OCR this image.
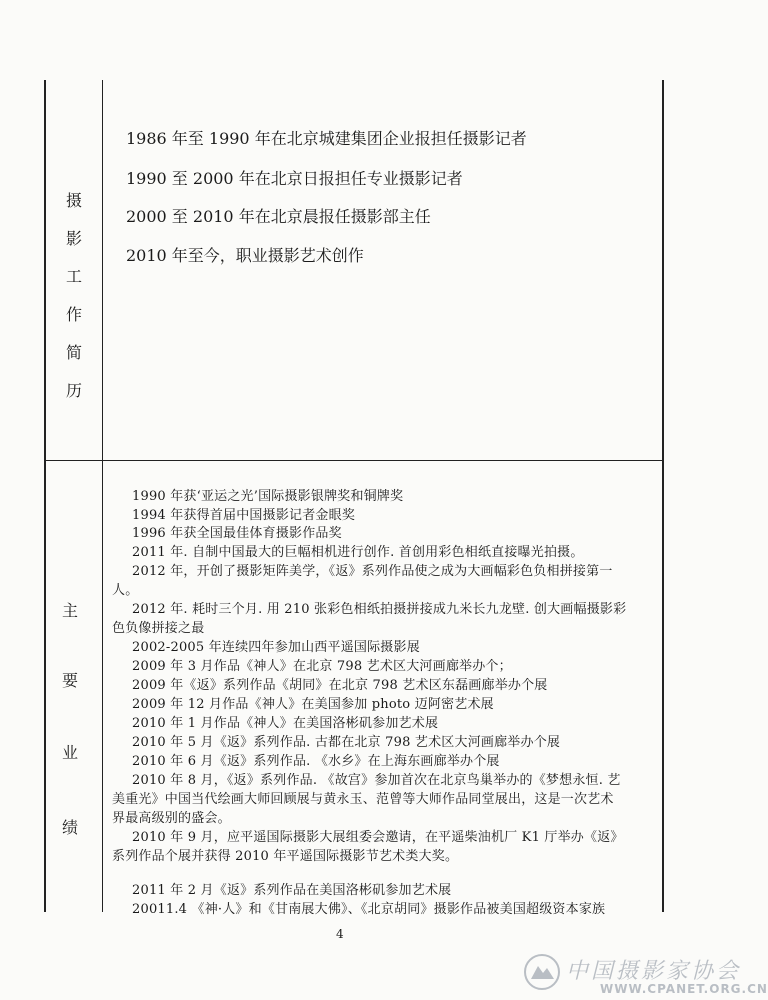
摄
影
工
作
简
历
1986 年至 1990 年在北京城建集团企业报担任摄影记者
1990 至 2000 年在北京日报担任专业摄影记者
2000 至 2010 年在北京晨报任摄影部主任
2010 年至今，职业摄影艺术创作
主
要
业
绩
1990 年获‘亚运之光’国际摄影银牌奖和铜牌奖
1994 年获得首届中国摄影记者金眼奖
1996 年获全国最佳体育摄影作品奖
2011 年. 自制中国最大的巨幅相机进行创作. 首创用彩色相纸直接曝光拍摄。
2012 年，开创了摄影矩阵美学，《返》系列作品使之成为大画幅彩色负相拼接第一
人。
2012 年. 耗时三个月. 用 210 张彩色相纸拍摄拼接成九米长九龙壁. 创大画幅摄影彩
色负像拼接之最
2002-2005 年连续四年参加山西平遥国际摄影展
2009 年 3 月作品《神人》在北京 798 艺术区大河画廊举办个；
2009 年《返》系列作品《胡同》在北京 798 艺术区东磊画廊举办个展
2009 年 12 月作品《神人》在美国参加 photo 迈阿密艺术展
2010 年 1 月作品《神人》在美国洛彬矶参加艺术展
2010 年 5 月《返》系列作品. 古都在北京 798 艺术区大河画廊举办个展
2010 年 6 月《返》系列作品. 《水乡》在上海东画廊举办个展
2010 年 8 月，《返》系列作品. 《故宫》参加首次在北京鸟巢举办的《梦想永恒. 艺
美重光》中国当代绘画大师回顾展与黄永玉、范曾等大师作品同堂展出，这是一次艺术
界最高级别的盛会。
2010 年 9 月，应平遥国际摄影大展组委会邀请，在平遥柴油机厂 K1 厅举办《返》
系列作品个展并获得 2010 年平遥国际摄影节艺术类大奖。
2011 年 2 月《返》系列作品在美国洛彬矶参加艺术展
20011.4 《神·人》和《甘南展大佛》、《北京胡同》摄影作品被美国超级资本家族
4
中国摄影家协会
WWW.CPANET.ORG.CN
